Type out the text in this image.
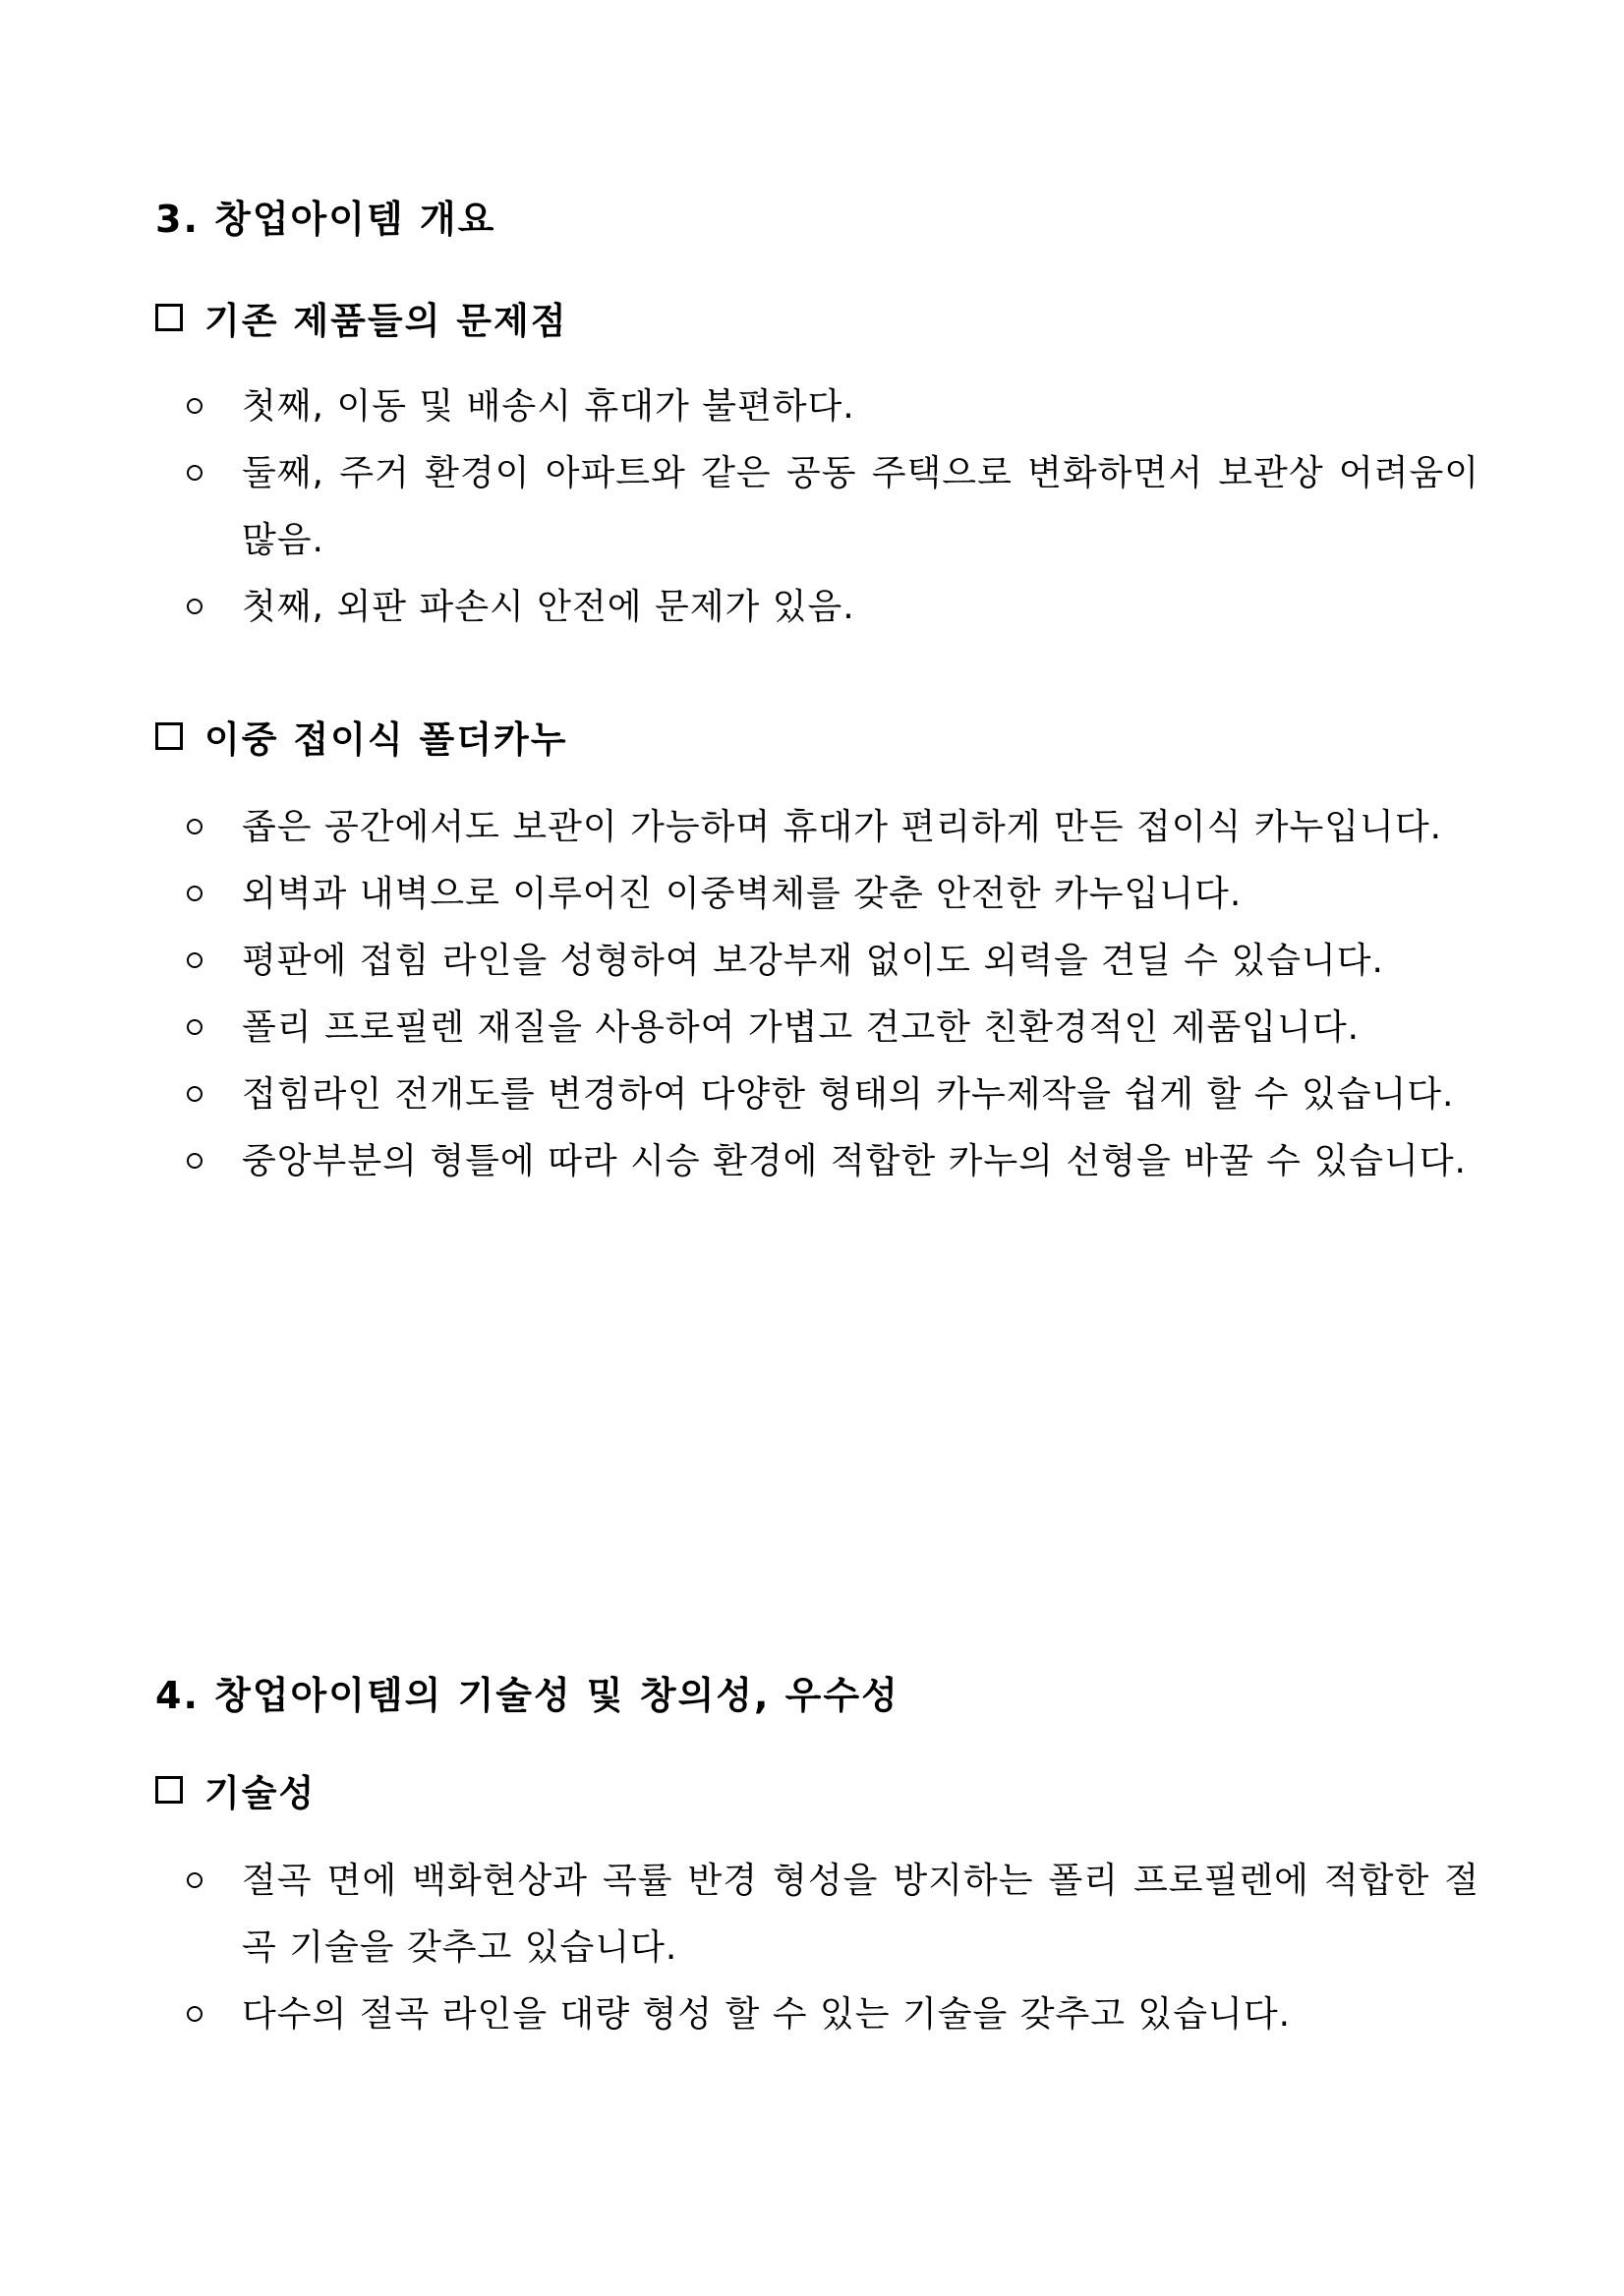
3. 창업아이템 개요
기존 제품들의 문제점
첫째, 이동 및 배송시 휴대가 불편하다.
둘째, 주거 환경이 아파트와 같은 공동 주택으로 변화하면서 보관상 어려움이 많음.
첫째, 외판 파손시 안전에 문제가 있음.
이중 접이식 폴더카누
좁은 공간에서도 보관이 가능하며 휴대가 편리하게 만든 접이식 카누입니다.
외벽과 내벽으로 이루어진 이중벽체를 갖춘 안전한 카누입니다.
평판에 접힘 라인을 성형하여 보강부재 없이도 외력을 견딜 수 있습니다.
폴리 프로필렌 재질을 사용하여 가볍고 견고한 친환경적인 제품입니다.
접힘라인 전개도를 변경하여 다양한 형태의 카누제작을 쉽게 할 수 있습니다.
중앙부분의 형틀에 따라 시승 환경에 적합한 카누의 선형을 바꿀 수 있습니다.
4. 창업아이템의 기술성 및 창의성, 우수성
기술성
절곡 면에 백화현상과 곡률 반경 형성을 방지하는 폴리 프로필렌에 적합한 절곡 기술을 갖추고 있습니다.
다수의 절곡 라인을 대량 형성 할 수 있는 기술을 갖추고 있습니다.
